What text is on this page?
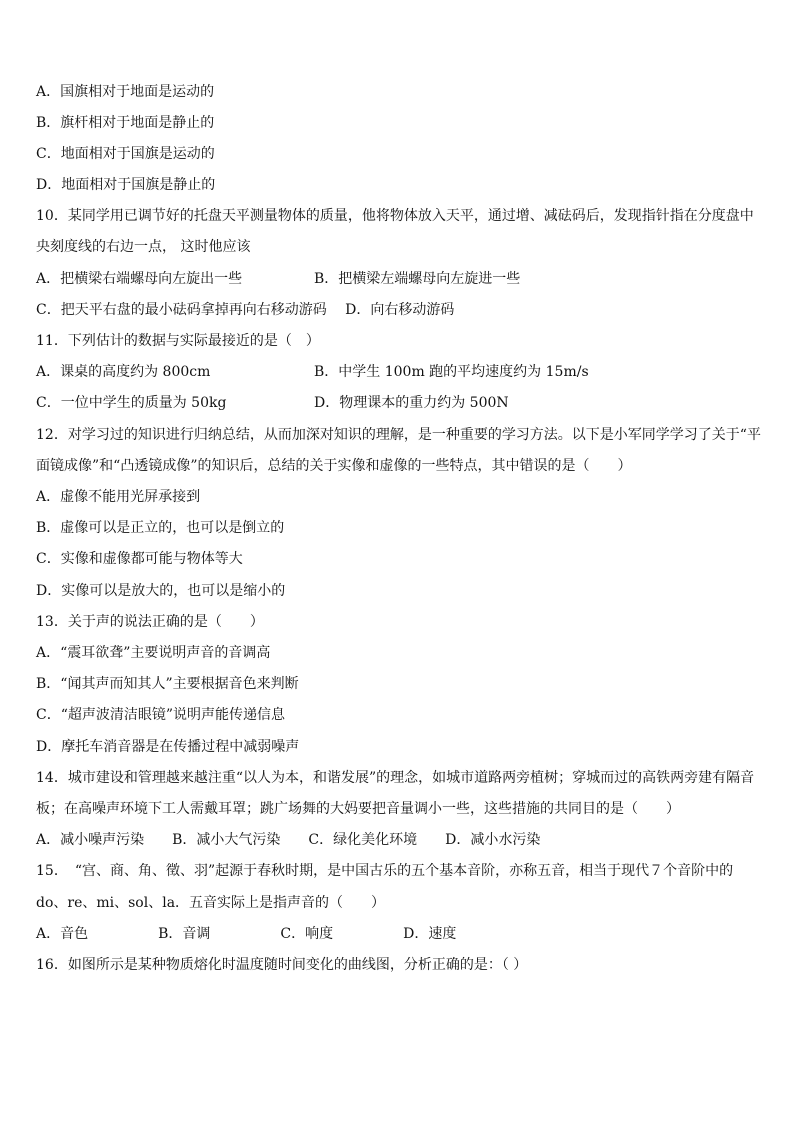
A．国旗相对于地面是运动的
B．旗杆相对于地面是静止的
C．地面相对于国旗是运动的
D．地面相对于国旗是静止的
10．某同学用已调节好的托盘天平测量物体的质量，他将物体放入天平，通过增、减砝码后，发现指针指在分度盘中
央刻度线的右边一点， 这时他应该
A．把横梁右端螺母向左旋出一些	B．把横梁左端螺母向左旋进一些
C．把天平右盘的最小砝码拿掉再向右移动游码　 D．向右移动游码
11．下列估计的数据与实际最接近的是（　）
A．课桌的高度约为 800cm	B．中学生 100m 跑的平均速度约为 15m/s
C．一位中学生的质量为 50kg	D．物理课本的重力约为 500N
12．对学习过的知识进行归纳总结，从而加深对知识的理解，是一种重要的学习方法。以下是小军同学学习了关于“平
面镜成像”和“凸透镜成像”的知识后，总结的关于实像和虚像的一些特点，其中错误的是（　　）
A．虚像不能用光屏承接到
B．虚像可以是正立的，也可以是倒立的
C．实像和虚像都可能与物体等大
D．实像可以是放大的，也可以是缩小的
13．关于声的说法正确的是（　　）
A．“震耳欲聋”主要说明声音的音调高
B．“闻其声而知其人”主要根据音色来判断
C．“超声波清洁眼镜”说明声能传递信息
D．摩托车消音器是在传播过程中减弱噪声
14．城市建设和管理越来越注重“以人为本，和谐发展”的理念，如城市道路两旁植树；穿城而过的高铁两旁建有隔音
板；在高噪声环境下工人需戴耳罩；跳广场舞的大妈要把音量调小一些，这些措施的共同目的是（　　）
A．减小噪声污染　　B．减小大气污染　　C．绿化美化环境　　D．减小水污染
15．　“宫、商、角、徵、羽”起源于春秋时期，是中国古乐的五个基本音阶，亦称五音，相当于现代７个音阶中的
do、re、mi、sol、la．五音实际上是指声音的（　　）
A．音色　　　　　B．音调　　　　　C．响度　　　　　D．速度
16．如图所示是某种物质熔化时温度随时间变化的曲线图，分析正确的是：（ ）
